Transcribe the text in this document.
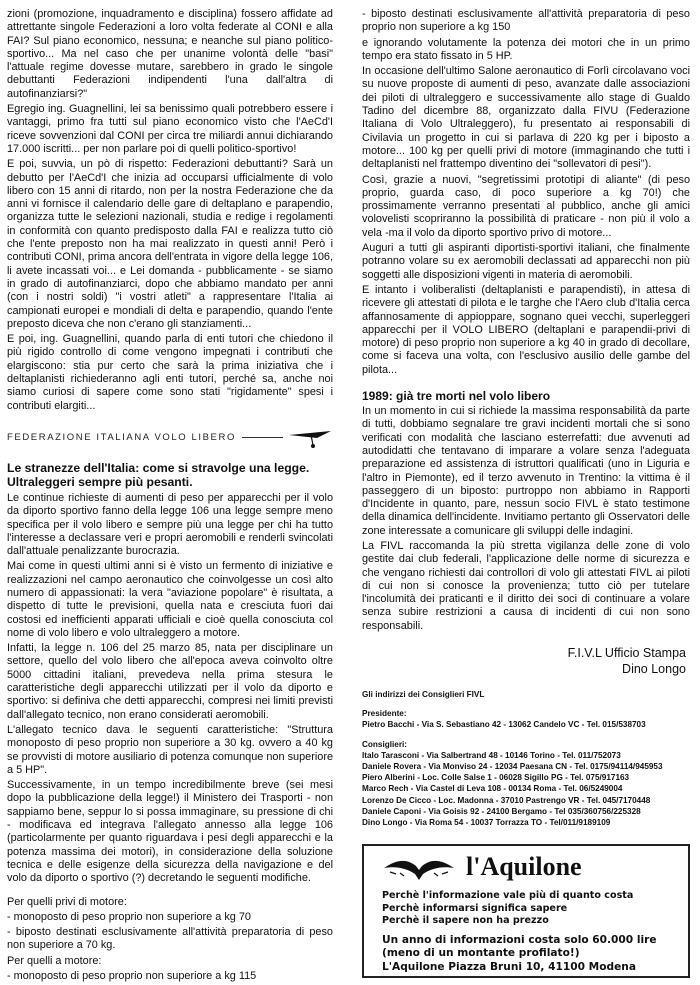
zioni (promozione, inquadramento e disciplina) fossero affidate ad attrettante singole Federazioni a loro volta federate al CONI e alla FAI? Sul piano economico, nessuna; e neanche sul piano politico-sportivo... Ma nel caso che per unanime volontà delle "basi" l'attuale regime dovesse mutare, sarebbero in grado le singole debuttanti Federazioni indipendenti l'una dall'altra di autofinanziarsi?"

Egregio ing. Guagnellini, lei sa benissimo quali potrebbero essere i vantaggi, primo fra tutti sul piano economico visto che l'AeCd'I riceve sovvenzioni dal CONI per circa tre miliardi annui dichiarando 17.000 iscritti... per non parlare poi di quelli politico-sportivo!

E poi, suvvia, un pò di rispetto: Federazioni debuttanti? Sarà un debutto per l'AeCd'I che inizia ad occuparsi ufficialmente di volo libero con 15 anni di ritardo, non per la nostra Federazione che da anni vi fornisce il calendario delle gare di deltaplano e parapendio, organizza tutte le selezioni nazionali, studia e redige i regolamenti in conformità con quanto predisposto dalla FAI e realizza tutto ciò che l'ente preposto non ha mai realizzato in questi anni! Però i contributi CONI, prima ancora dell'entrata in vigore della legge 106, li avete incassati voi... e Lei domanda - pubblicamente - se siamo in grado di autofinanziarci, dopo che abbiamo mandato per anni (con i nostri soldi) "i vostri atleti" a rappresentare l'Italia ai campionati europei e mondiali di delta e parapendio, quando l'ente preposto diceva che non c'erano gli stanziamenti...

E poi, ing. Guagnellini, quando parla di enti tutori che chiedono il più rigido controllo di come vengono impegnati i contributi che elargiscono: stia pur certo che sarà la prima iniziativa che i deltaplanisti richiederanno agli enti tutori, perché sa, anche noi siamo curiosi di sapere come sono stati "rigidamente" spesi i contributi elargiti...

FEDERAZIONE ITALIANA VOLO LIBERO
Le stranezze dell'Italia: come si stravolge una legge. Ultraleggeri sempre più pesanti.

Le continue richieste di aumenti di peso per apparecchi per il volo da diporto sportivo fanno della legge 106 una legge sempre meno specifica per il volo libero e sempre più una legge per chi ha tutto l'interesse a declassare veri e propri aeromobili e renderli svincolati dall'attuale penalizzante burocrazia.

Mai come in questi ultimi anni si è visto un fermento di iniziative e realizzazioni nel campo aeronautico che coinvolgesse un così alto numero di appassionati: la vera "aviazione popolare" è risultata, a dispetto di tutte le previsioni, quella nata e cresciuta fuori dai costosi ed inefficienti apparati ufficiali e cioè quella conosciuta col nome di volo libero e volo ultraleggero a motore.

Infatti, la legge n. 106 del 25 marzo 85, nata per disciplinare un settore, quello del volo libero che all'epoca aveva coinvolto oltre 5000 cittadini italiani, prevedeva nella prima stesura le caratteristiche degli apparecchi utilizzati per il volo da diporto e sportivo: si definiva che detti apparecchi, compresi nei limiti previsti dall'allegato tecnico, non erano considerati aeromobili.

L'allegato tecnico dava le seguenti caratteristiche: "Struttura monoposto di peso proprio non superiore a 30 kg. ovvero a 40 kg se provvisti di motore ausiliario di potenza comunque non superiore a 5 HP".

Successivamente, in un tempo incredibilmente breve (sei mesi dopo la pubblicazione della legge!) il Ministero dei Trasporti - non sappiamo bene, seppur lo si possa immaginare, su pressione di chi - modificava ed integrava l'allegato annesso alla legge 106 (particolarmente per quanto riguardava i pesi degli apparecchi e la potenza massima dei motori), in considerazione della soluzione tecnica e delle esigenze della sicurezza della navigazione e del volo da diporto o sportivo (?) decretando le seguenti modifiche.

Per quelli privi di motore:

- monoposto di peso proprio non superiore a kg 70

- biposto destinati esclusivamente all'attività preparatoria di peso non superiore a 70 kg.

Per quelli a motore:

- monoposto di peso proprio non superiore a kg 115

- biposto destinati esclusivamente all'attività preparatoria di peso proprio non superiore a kg 150

e ignorando volutamente la potenza dei motori che in un primo tempo era stato fissato in 5 HP.

In occasione dell'ultimo Salone aeronautico di Forlì circolavano voci su nuove proposte di aumenti di peso, avanzate dalle associazioni dei piloti di ultraleggero e successivamente allo stage di Gualdo Tadino del dicembre 88, organizzato dalla FIVU (Federazione Italiana di Volo Ultraleggero), fu presentato ai responsabili di Civilavia un progetto in cui si parlava di 220 kg per i biposto a motore... 100 kg per quelli privi di motore (immaginando che tutti i deltaplanisti nel frattempo diventino dei "sollevatori di pesi").

Così, grazie a nuovi, "segretissimi prototipi di aliante" (di peso proprio, guarda caso, di poco superiore a kg 70!) che prossimamente verranno presentati al pubblico, anche gli amici volovelisti scopriranno la possibilità di praticare - non più il volo a vela -ma il volo da diporto sportivo privo di motore...

Auguri a tutti gli aspiranti diportisti-sportivi italiani, che finalmente potranno volare su ex aeromobili declassati ad apparecchi non più soggetti alle disposizioni vigenti in materia di aeromobili.

E intanto i voliberalisti (deltaplanisti e parapendisti), in attesa di ricevere gli attestati di pilota e le targhe che l'Aero club d'Italia cerca affannosamente di appioppare, sognano quei vecchi, superleggeri apparecchi per il VOLO LIBERO (deltaplani e parapendii-privi di motore) di peso proprio non superiore a kg 40 in grado di decollare, come si faceva una volta, con l'esclusivo ausilio delle gambe del pilota...

1989: già tre morti nel volo libero

In un momento in cui si richiede la massima responsabilità da parte di tutti, dobbiamo segnalare tre gravi incidenti mortali che si sono verificati con modalità che lasciano esterrefatti: due avvenuti ad autodidatti che tentavano di imparare a volare senza l'adeguata preparazione ed assistenza di istruttori qualificati (uno in Liguria e l'altro in Piemonte), ed il terzo avvenuto in Trentino: la vittima è il passeggero di un biposto: purtroppo non abbiamo in Rapporti d'Incidente in quanto, pare, nessun socio FIVL è stato testimone della dinamica dell'incidente. Invitiamo pertanto gli Osservatori delle zone interessate a comunicare gli sviluppi delle indagini.

La FIVL raccomanda la più stretta vigilanza delle zone di volo gestite dai club federali, l'applicazione delle norme di sicurezza e che vengano richiesti dai controllori di volo gli attestati FIVL ai piloti di cui non si conosce la provenienza; tutto ciò per tutelare l'incolumità dei praticanti e il diritto dei soci di continuare a volare senza subire restrizioni a causa di incidenti di cui non sono responsabili.

F.I.V.L Ufficio Stampa
Dino Longo
Gli indirizzi dei Consiglieri FIVL
Presidente:
Pietro Bacchi - Via S. Sebastiano 42 - 13062 Candelo VC - Tel. 015/538703
Consiglieri:
Italo Tarasconi - Via Salbertrand 48 - 10146 Torino - Tel. 011/752073
Daniele Rovera - Via Monviso 24 - 12034 Paesana CN - Tel. 0175/94114/945953
Piero Alberini - Loc. Colle Salse 1 - 06028 Sigillo PG - Tel. 075/917163
Marco Rech - Via Castel di Leva 108 - 00134 Roma - Tel. 06/5249004
Lorenzo De Cicco - Loc. Madonna - 37010 Pastrengo VR - Tel. 045/7170448
Daniele Caponi - Via Goisis 92 - 24100 Bergamo - Tel 035/360756/225328
Dino Longo - Via Roma 54 - 10037 Torrazza TO - Tel/011/9189109
l'Aquilone
Perchè l'informazione vale più di quanto costa
Perchè informarsi significa sapere
Perchè il sapere non ha prezzo
Un anno di informazioni costa solo 60.000 lire
(meno di un montante profilato!)
L'Aquilone Piazza Bruni 10, 41100 Modena
